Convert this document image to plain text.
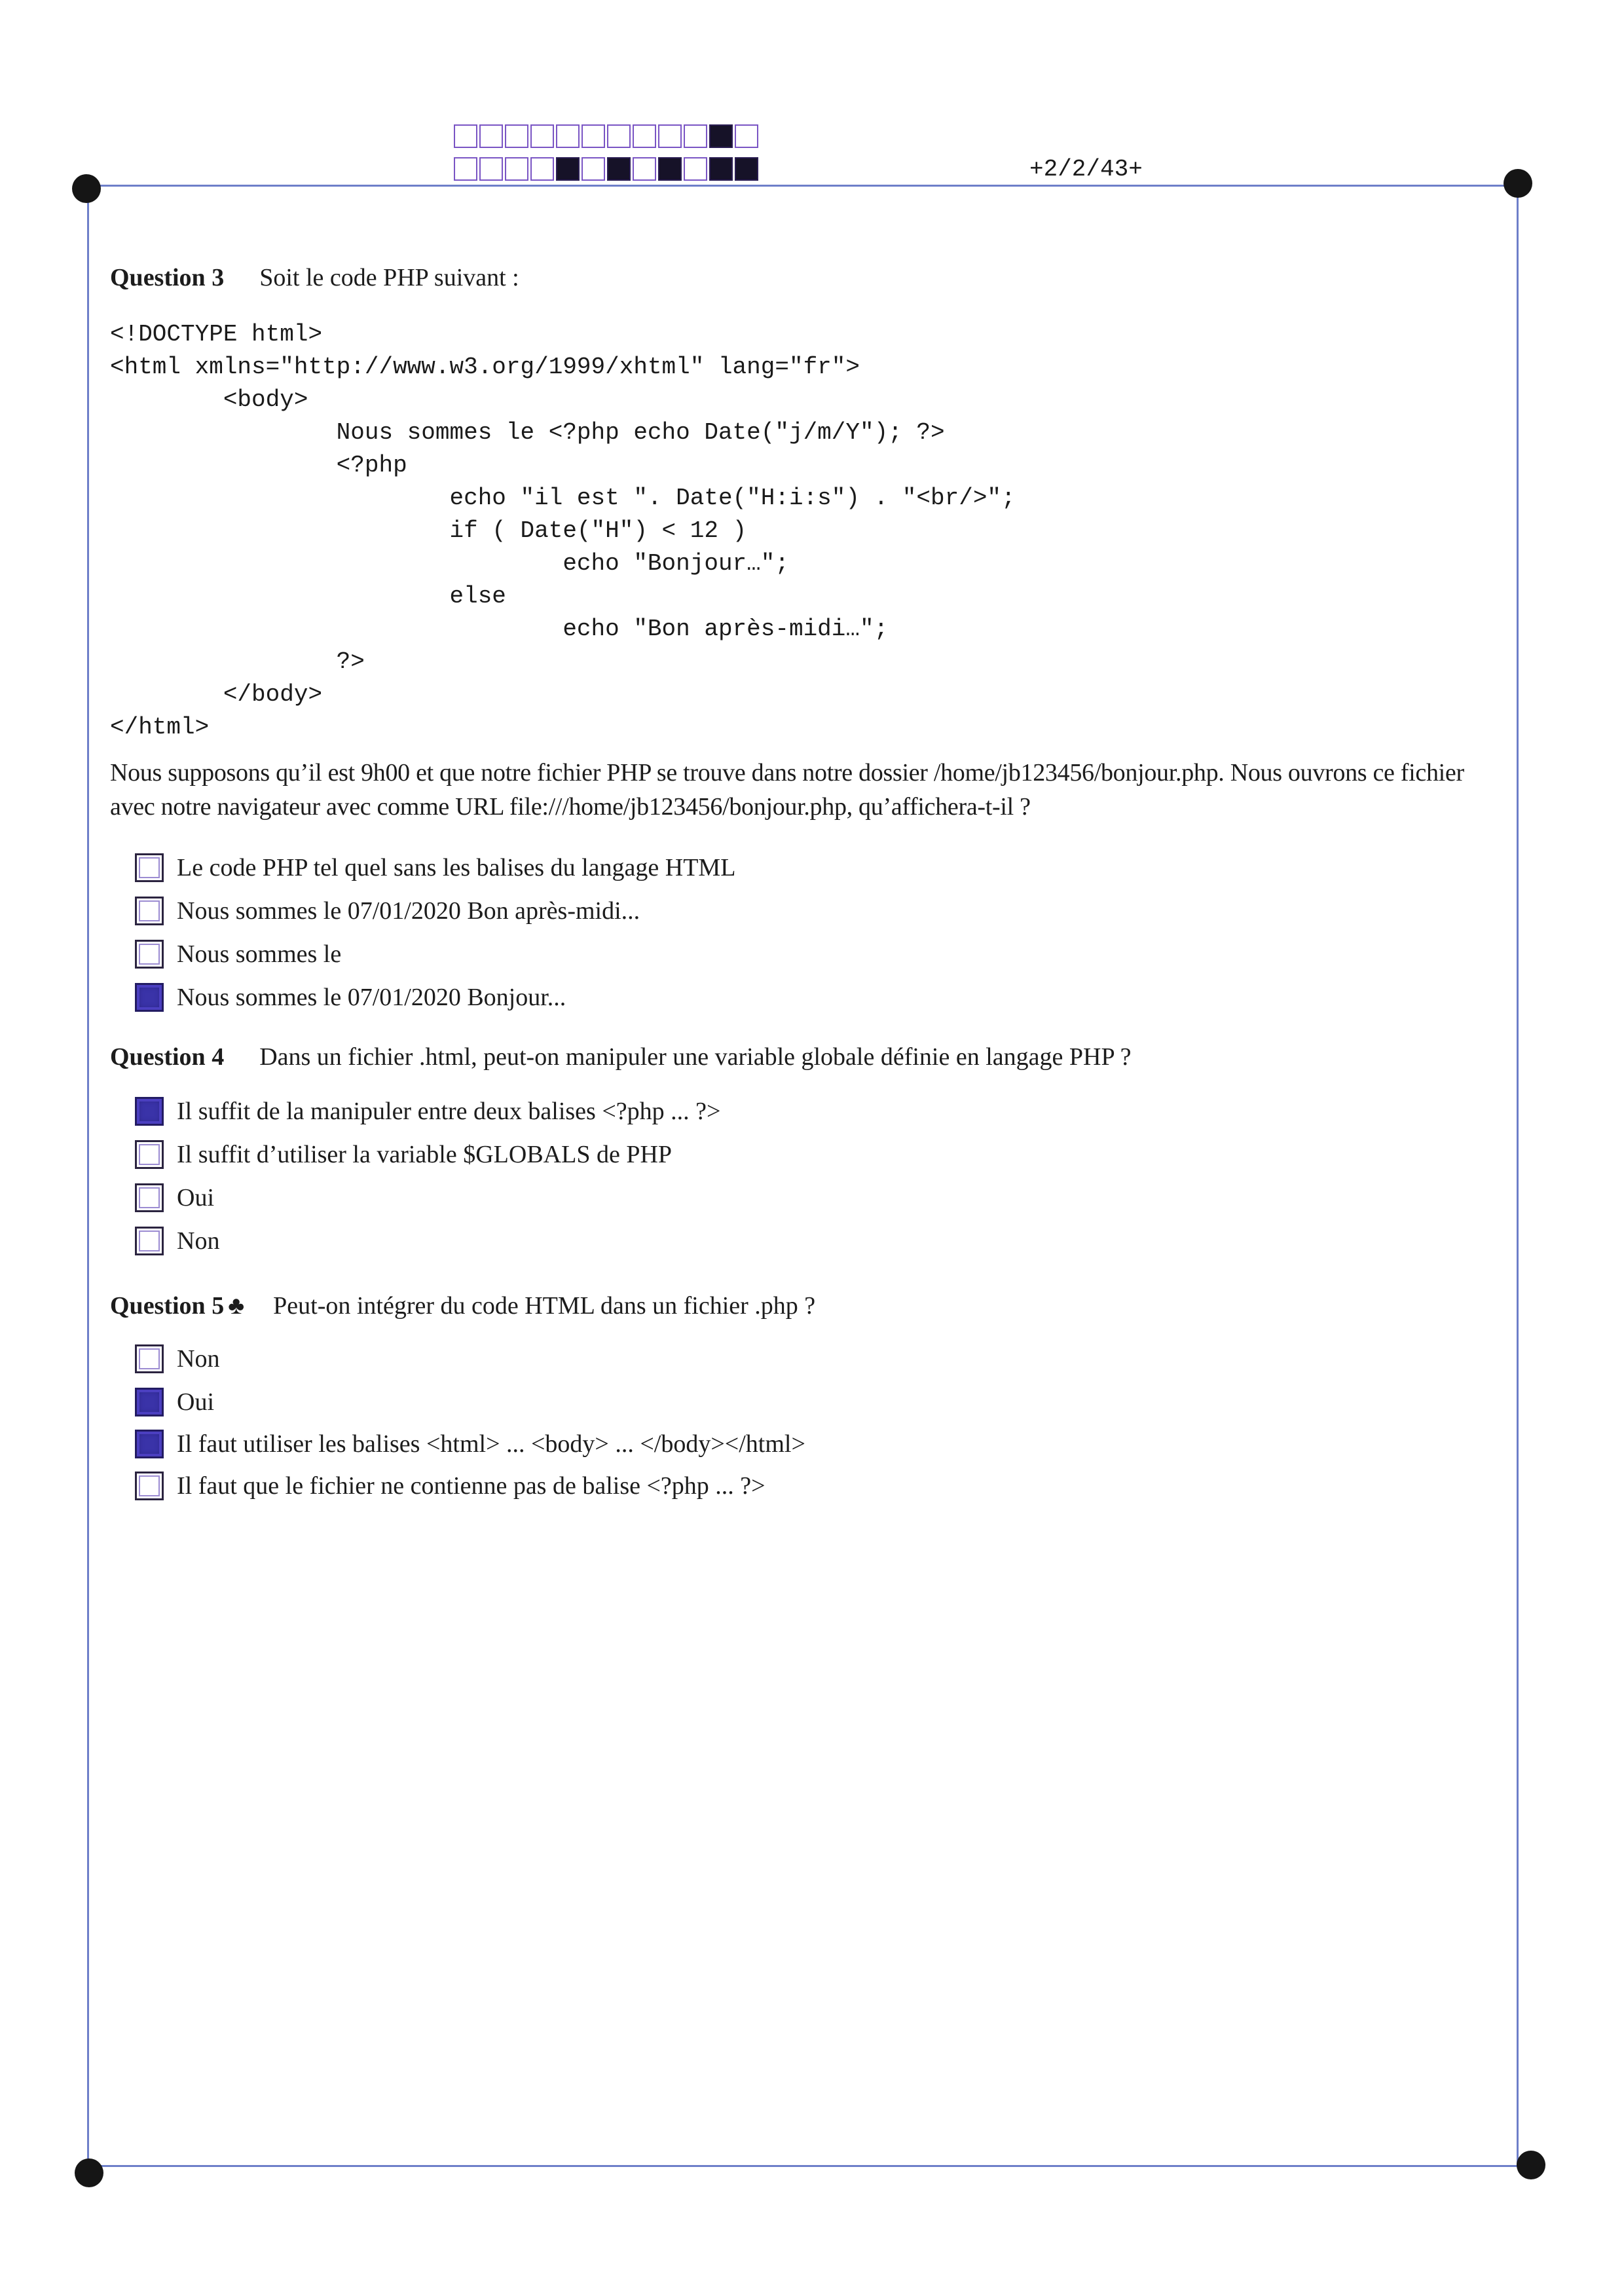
+2/2/43+
Question 3 Soit le code PHP suivant :
<!DOCTYPE html>
<html xmlns="http://www.w3.org/1999/xhtml" lang="fr">
<body>
Nous sommes le <?php echo Date("j/m/Y"); ?>
<?php
echo "il est ". Date("H:i:s") . "<br/>";
if ( Date("H") < 12 )
echo "Bonjour…";
else
echo "Bon après-midi…";
?>
</body>
</html>

Nous supposons qu’il est 9h00 et que notre fichier PHP se trouve dans notre dossier /home/jb123456/bonjour.php. Nous ouvrons ce fichier avec notre navigateur avec comme URL file:///home/jb123456/bonjour.php, qu’affichera-t-il ?

Le code PHP tel quel sans les balises du langage HTML
Nous sommes le 07/01/2020 Bon après-midi...
Nous sommes le
Nous sommes le 07/01/2020 Bonjour...
Question 4 Dans un fichier .html, peut-on manipuler une variable globale définie en langage PHP ?
Il suffit de la manipuler entre deux balises <?php ... ?>
Il suffit d’utiliser la variable $GLOBALS de PHP
Oui
Non
Question 5 ♣ Peut-on intégrer du code HTML dans un fichier .php ?
Non
Oui
Il faut utiliser les balises <html> ... <body> ... </body></html>
Il faut que le fichier ne contienne pas de balise <?php ... ?>
